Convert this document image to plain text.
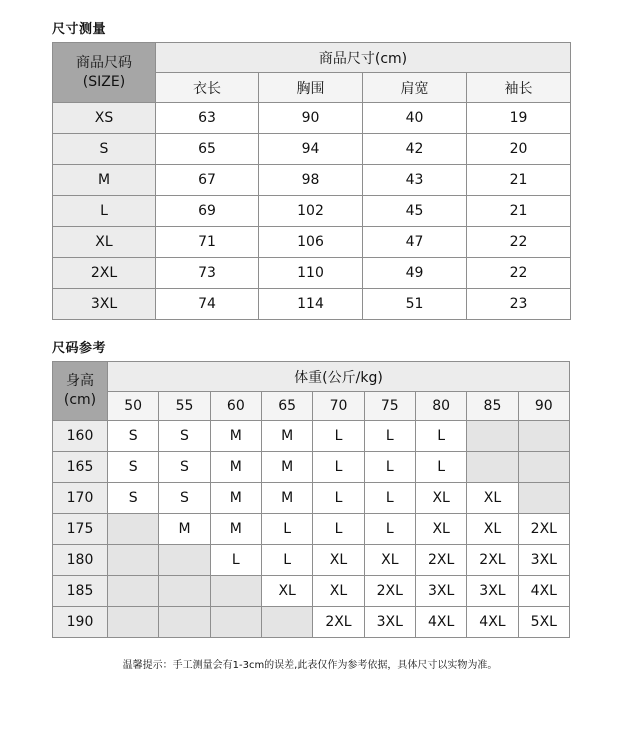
尺寸测量
商品尺码
(SIZE)	商品尺寸(cm)			
	衣长	胸围	肩宽	袖长
XS	63	90	40	19
S	65	94	42	20
M	67	98	43	21
L	69	102	45	21
XL	71	106	47	22
2XL	73	110	49	22
3XL	74	114	51	23
尺码参考
身高
(cm)	体重(公斤/kg)								
	50	55	60	65	70	75	80	85	90
160	S	S	M	M	L	L	L		
165	S	S	M	M	L	L	L		
170	S	S	M	M	L	L	XL	XL	
175		M	M	L	L	L	XL	XL	2XL
180			L	L	XL	XL	2XL	2XL	3XL
185				XL	XL	2XL	3XL	3XL	4XL
190					2XL	3XL	4XL	4XL	5XL
温馨提示：手工测量会有1-3cm的误差,此表仅作为参考依据，具体尺寸以实物为准。
